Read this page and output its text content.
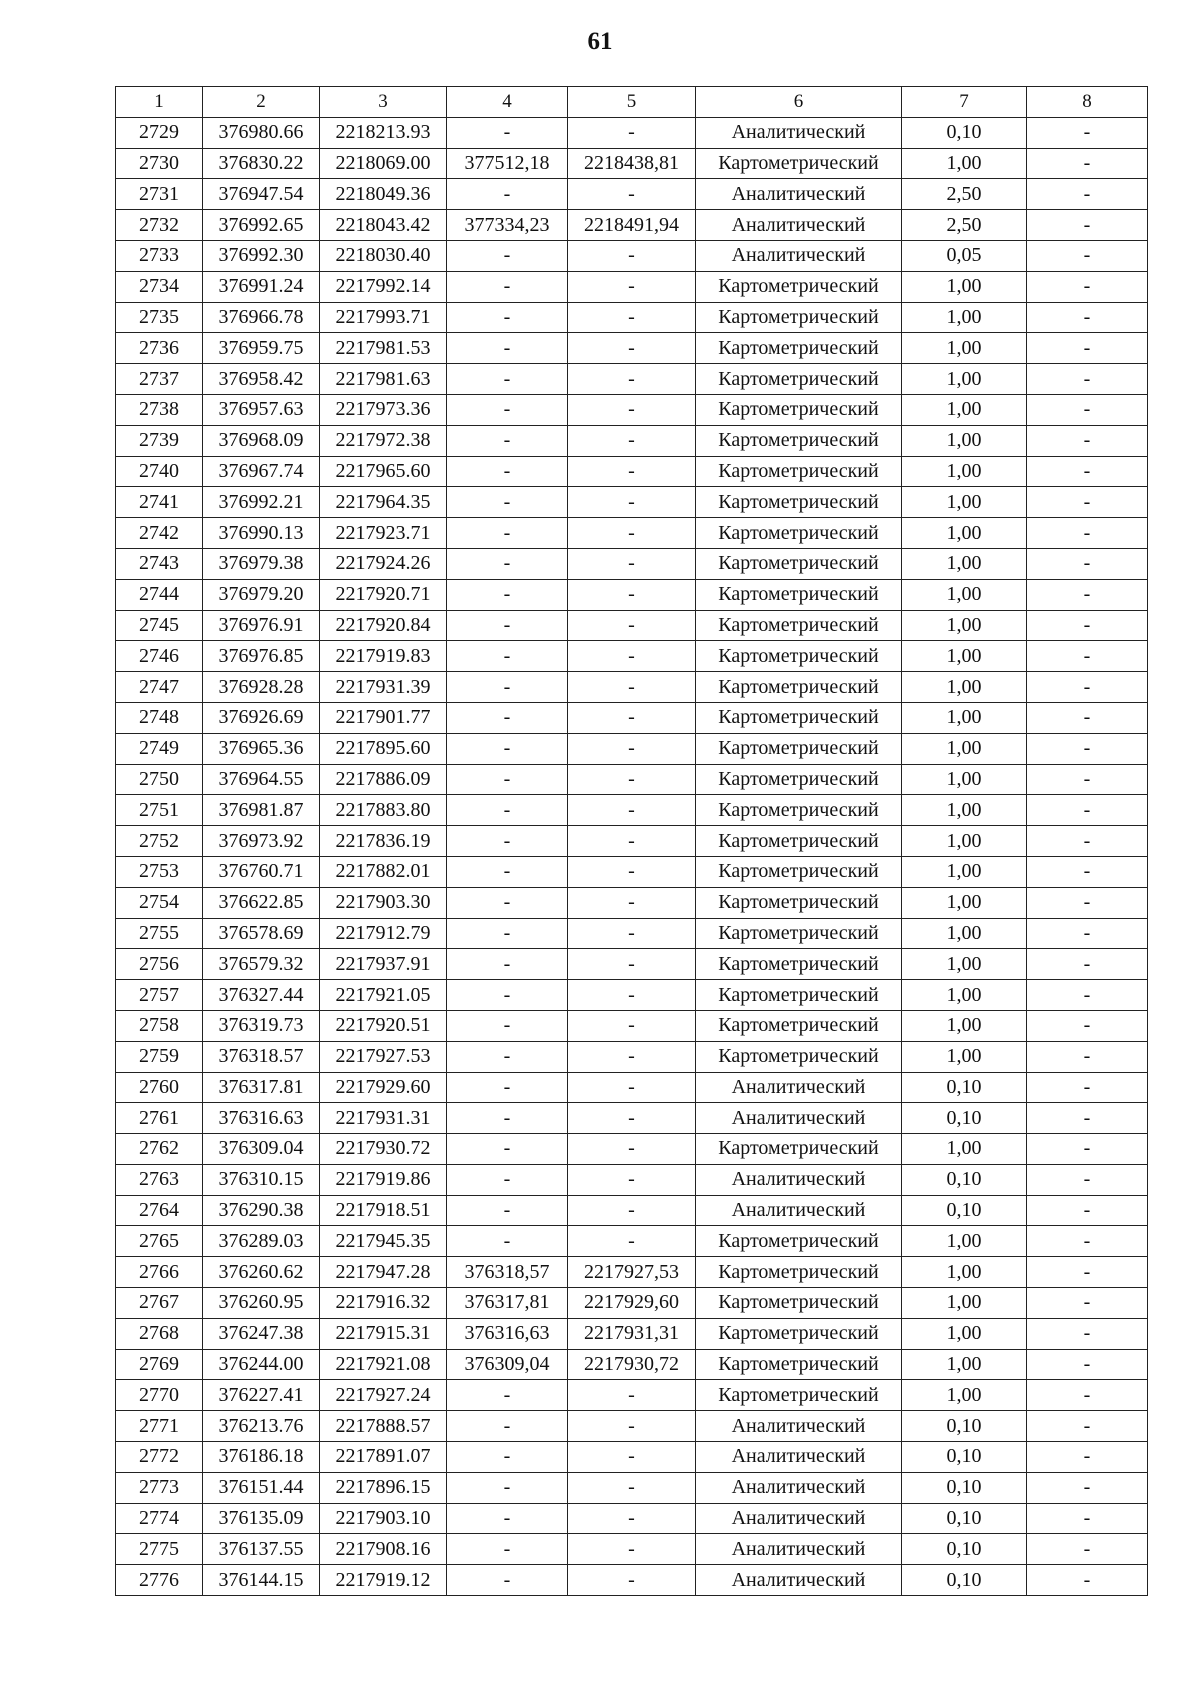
61
1	2	3	4	5	6	7	8
2729	376980.66	2218213.93	-	-	Аналитический	0,10	-
2730	376830.22	2218069.00	377512,18	2218438,81	Картометрический	1,00	-
2731	376947.54	2218049.36	-	-	Аналитический	2,50	-
2732	376992.65	2218043.42	377334,23	2218491,94	Аналитический	2,50	-
2733	376992.30	2218030.40	-	-	Аналитический	0,05	-
2734	376991.24	2217992.14	-	-	Картометрический	1,00	-
2735	376966.78	2217993.71	-	-	Картометрический	1,00	-
2736	376959.75	2217981.53	-	-	Картометрический	1,00	-
2737	376958.42	2217981.63	-	-	Картометрический	1,00	-
2738	376957.63	2217973.36	-	-	Картометрический	1,00	-
2739	376968.09	2217972.38	-	-	Картометрический	1,00	-
2740	376967.74	2217965.60	-	-	Картометрический	1,00	-
2741	376992.21	2217964.35	-	-	Картометрический	1,00	-
2742	376990.13	2217923.71	-	-	Картометрический	1,00	-
2743	376979.38	2217924.26	-	-	Картометрический	1,00	-
2744	376979.20	2217920.71	-	-	Картометрический	1,00	-
2745	376976.91	2217920.84	-	-	Картометрический	1,00	-
2746	376976.85	2217919.83	-	-	Картометрический	1,00	-
2747	376928.28	2217931.39	-	-	Картометрический	1,00	-
2748	376926.69	2217901.77	-	-	Картометрический	1,00	-
2749	376965.36	2217895.60	-	-	Картометрический	1,00	-
2750	376964.55	2217886.09	-	-	Картометрический	1,00	-
2751	376981.87	2217883.80	-	-	Картометрический	1,00	-
2752	376973.92	2217836.19	-	-	Картометрический	1,00	-
2753	376760.71	2217882.01	-	-	Картометрический	1,00	-
2754	376622.85	2217903.30	-	-	Картометрический	1,00	-
2755	376578.69	2217912.79	-	-	Картометрический	1,00	-
2756	376579.32	2217937.91	-	-	Картометрический	1,00	-
2757	376327.44	2217921.05	-	-	Картометрический	1,00	-
2758	376319.73	2217920.51	-	-	Картометрический	1,00	-
2759	376318.57	2217927.53	-	-	Картометрический	1,00	-
2760	376317.81	2217929.60	-	-	Аналитический	0,10	-
2761	376316.63	2217931.31	-	-	Аналитический	0,10	-
2762	376309.04	2217930.72	-	-	Картометрический	1,00	-
2763	376310.15	2217919.86	-	-	Аналитический	0,10	-
2764	376290.38	2217918.51	-	-	Аналитический	0,10	-
2765	376289.03	2217945.35	-	-	Картометрический	1,00	-
2766	376260.62	2217947.28	376318,57	2217927,53	Картометрический	1,00	-
2767	376260.95	2217916.32	376317,81	2217929,60	Картометрический	1,00	-
2768	376247.38	2217915.31	376316,63	2217931,31	Картометрический	1,00	-
2769	376244.00	2217921.08	376309,04	2217930,72	Картометрический	1,00	-
2770	376227.41	2217927.24	-	-	Картометрический	1,00	-
2771	376213.76	2217888.57	-	-	Аналитический	0,10	-
2772	376186.18	2217891.07	-	-	Аналитический	0,10	-
2773	376151.44	2217896.15	-	-	Аналитический	0,10	-
2774	376135.09	2217903.10	-	-	Аналитический	0,10	-
2775	376137.55	2217908.16	-	-	Аналитический	0,10	-
2776	376144.15	2217919.12	-	-	Аналитический	0,10	-
